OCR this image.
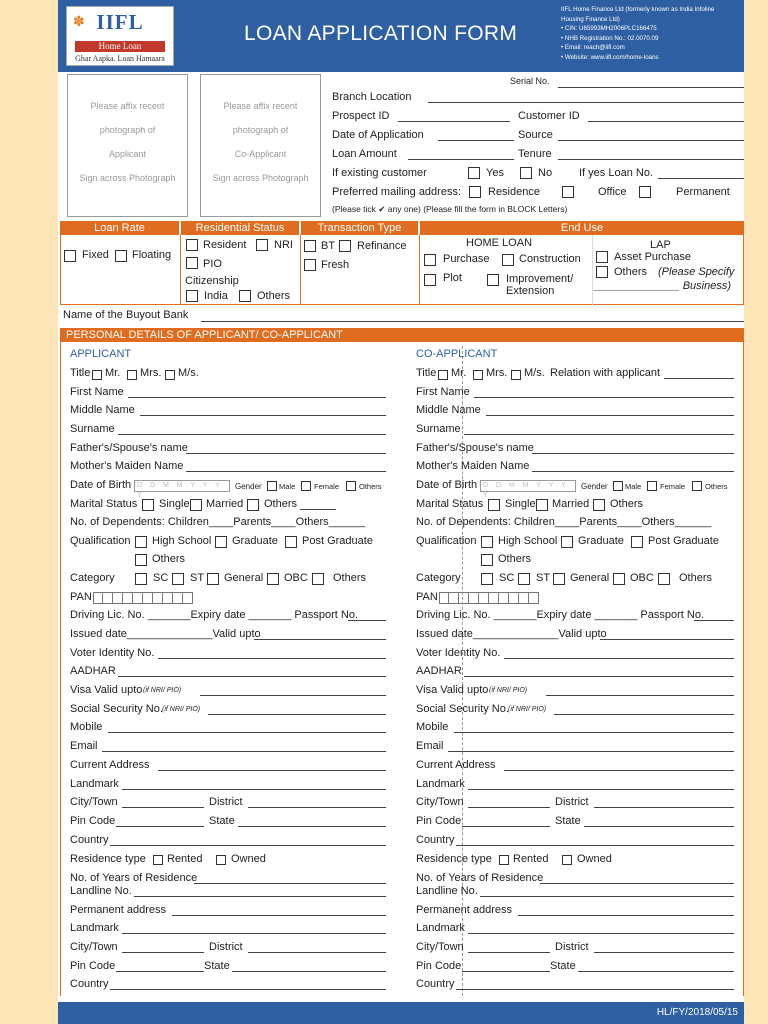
✽ IIFL
Home Loan
Ghar Aapka. Loan Hamaara
LOAN APPLICATION FORM
IIFL Home Finance Ltd (formerly known as India Infoline
Housing Finance Ltd)
• CIN: U65993MH2006PLC166475
• NHB Registration No.: 02.0070.09
• Email: reach@iifl.com
• Website: www.iifl.com/home-loans
Please affix recent
photograph of
Applicant
Sign across Photograph
Please affix recent
photograph of
Co-Applicant
Sign across Photograph
Serial No.
Branch Location
Prospect ID	Customer ID
Date of Application	Source
Loan Amount	Tenure
If existing customer	Yes	No If yes Loan No.
Preferred mailing address: Residence	Office	Permanent
(Please tick ✔ any one) (Please fill the form in BLOCK Letters)
Loan Rate	Residential Status	Transaction Type	End Use
Fixed Floating
Resident	NRI
PIO
Citizenship
India	Others
BT Refinance
Fresh
HOME LOAN
Purchase	Construction
Plot	Improvement/
Extension
LAP
Asset Purchase
Others (Please Specify
______________ Business)
Name of the Buyout Bank
PERSONAL DETAILS OF APPLICANT/ CO-APPLICANT
APPLICANT	CO-APPLICANT
Title Mr. Mrs. M/s.
First Name
Middle Name
Surname
Father's/Spouse's name
Mother's Maiden Name
Date of Birth D D M M Y Y Y Y
Gender Male Female	Others
Marital Status Single Married Others
No. of Dependents: Children____Parents____Others______
Qualification High School Graduate Post Graduate
Others
Category	SC ST General OBC Others
PAN
Driving Lic. No. _______Expiry date _______ Passport No.
Issued date______________Valid upto
Voter Identity No.
AADHAR
Visa Valid upto (if NRI/ PIO)
Social Security No. (if NRI/ PIO)
Mobile
Email
Current Address
Landmark
City/Town	District
Pin Code	State
Country
Residence type Rented	Owned
No. of Years of Residence
Landline No.
Permanent address
Landmark
City/Town	District
Pin Code	State
Country
Title Mr. Mrs. M/s. Relation with applicant
First Name
Middle Name
Surname
Father's/Spouse's name
Mother's Maiden Name
Date of Birth D D M M Y Y Y Y
Gender Male Female	Others
Marital Status Single Married Others
No. of Dependents: Children____Parents____Others______
Qualification High School Graduate Post Graduate
Others
Category	SC ST General OBC Others
PAN
Driving Lic. No. _______Expiry date _______ Passport No.
Issued date______________Valid upto
Voter Identity No.
AADHAR
Visa Valid upto (if NRI/ PIO)
Social Security No. (if NRI/ PIO)
Mobile
Email
Current Address
Landmark
City/Town	District
Pin Code	State
Country
Residence type Rented	Owned
No. of Years of Residence
Landline No.
Permanent address
Landmark
City/Town	District
Pin Code	State
Country
HL/FY/2018/05/15
